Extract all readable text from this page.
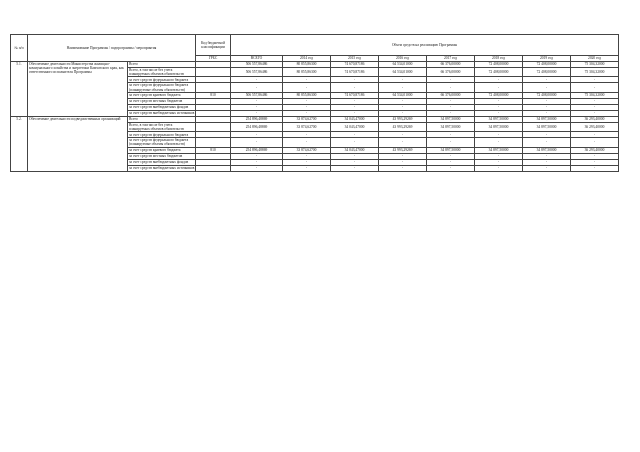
№ п/п	Наименование Программы / подпрограммы / мероприятия		Код бюджетной классификации	Объем средств на реализацию Программы							
			ГРБС	ВСЕГО	2014 год	2015 год	2016 год	2017 год	2018 год	2019 год	2020 год
5.1.	Обеспечение деятельности Министерства жилищно-коммунального хозяйства и энергетики Камчатского края, как ответственного исполнителя Программы	Всего		506 557,86486	80 855,86300	74 670,87186	64 534,01000	66 376,00000	72 408,00000	72 408,00000	75 304,32000
		Всего, в том числе без учета планируемых объемов обязательств		506 557,86486	80 855,86300	74 670,87186	64 534,01000	66 376,00000	72 408,00000	72 408,00000	75 304,32000
		за счет средств федерального бюджета		-	-	-	-	-	-	-	-
		за счет средств федерального бюджета (планируемые объемы обязательств)		-	-	-	-	-	-	-	-
		за счет средств краевого бюджета	810	506 557,86486	80 855,86300	74 670,87186	64 534,01000	66 376,00000	72 408,00000	72 408,00000	75 304,32000
		за счет средств местных бюджетов		-	-	-	-	-	-	-	-
		за счет средств внебюджетных фондов		-	-	-	-	-	-	-	-
		за счет средств внебюджетных источников		-	-	-	-	-	-	-	-
5.2.	Обеспечение деятельности подведомственных организаций	Всего		254 896,48869	33 874,62700	34 043,47000	43 993,29269	34 897,50000	34 897,50000	34 897,50000	36 293,40000
		Всего, в том числе без учета планируемых объемов обязательств		254 896,48869	33 874,62700	34 043,47000	43 993,29269	34 897,50000	34 897,50000	34 897,50000	36 293,40000
		за счет средств федерального бюджета		-	-	-	-	-	-	-	-
		за счет средств федерального бюджета (планируемые объемы обязательств)		-	-	-	-	-	-	-	-
		за счет средств краевого бюджета	810	254 896,48869	33 874,62700	34 043,47000	43 993,29269	34 897,50000	34 897,50000	34 897,50000	36 293,40000
		за счет средств местных бюджетов		-	-	-	-	-	-	-	-
		за счет средств внебюджетных фондов		-	-	-	-	-	-	-	-
		за счет средств внебюджетных источников		-	-	-	-	-	-	-	-
